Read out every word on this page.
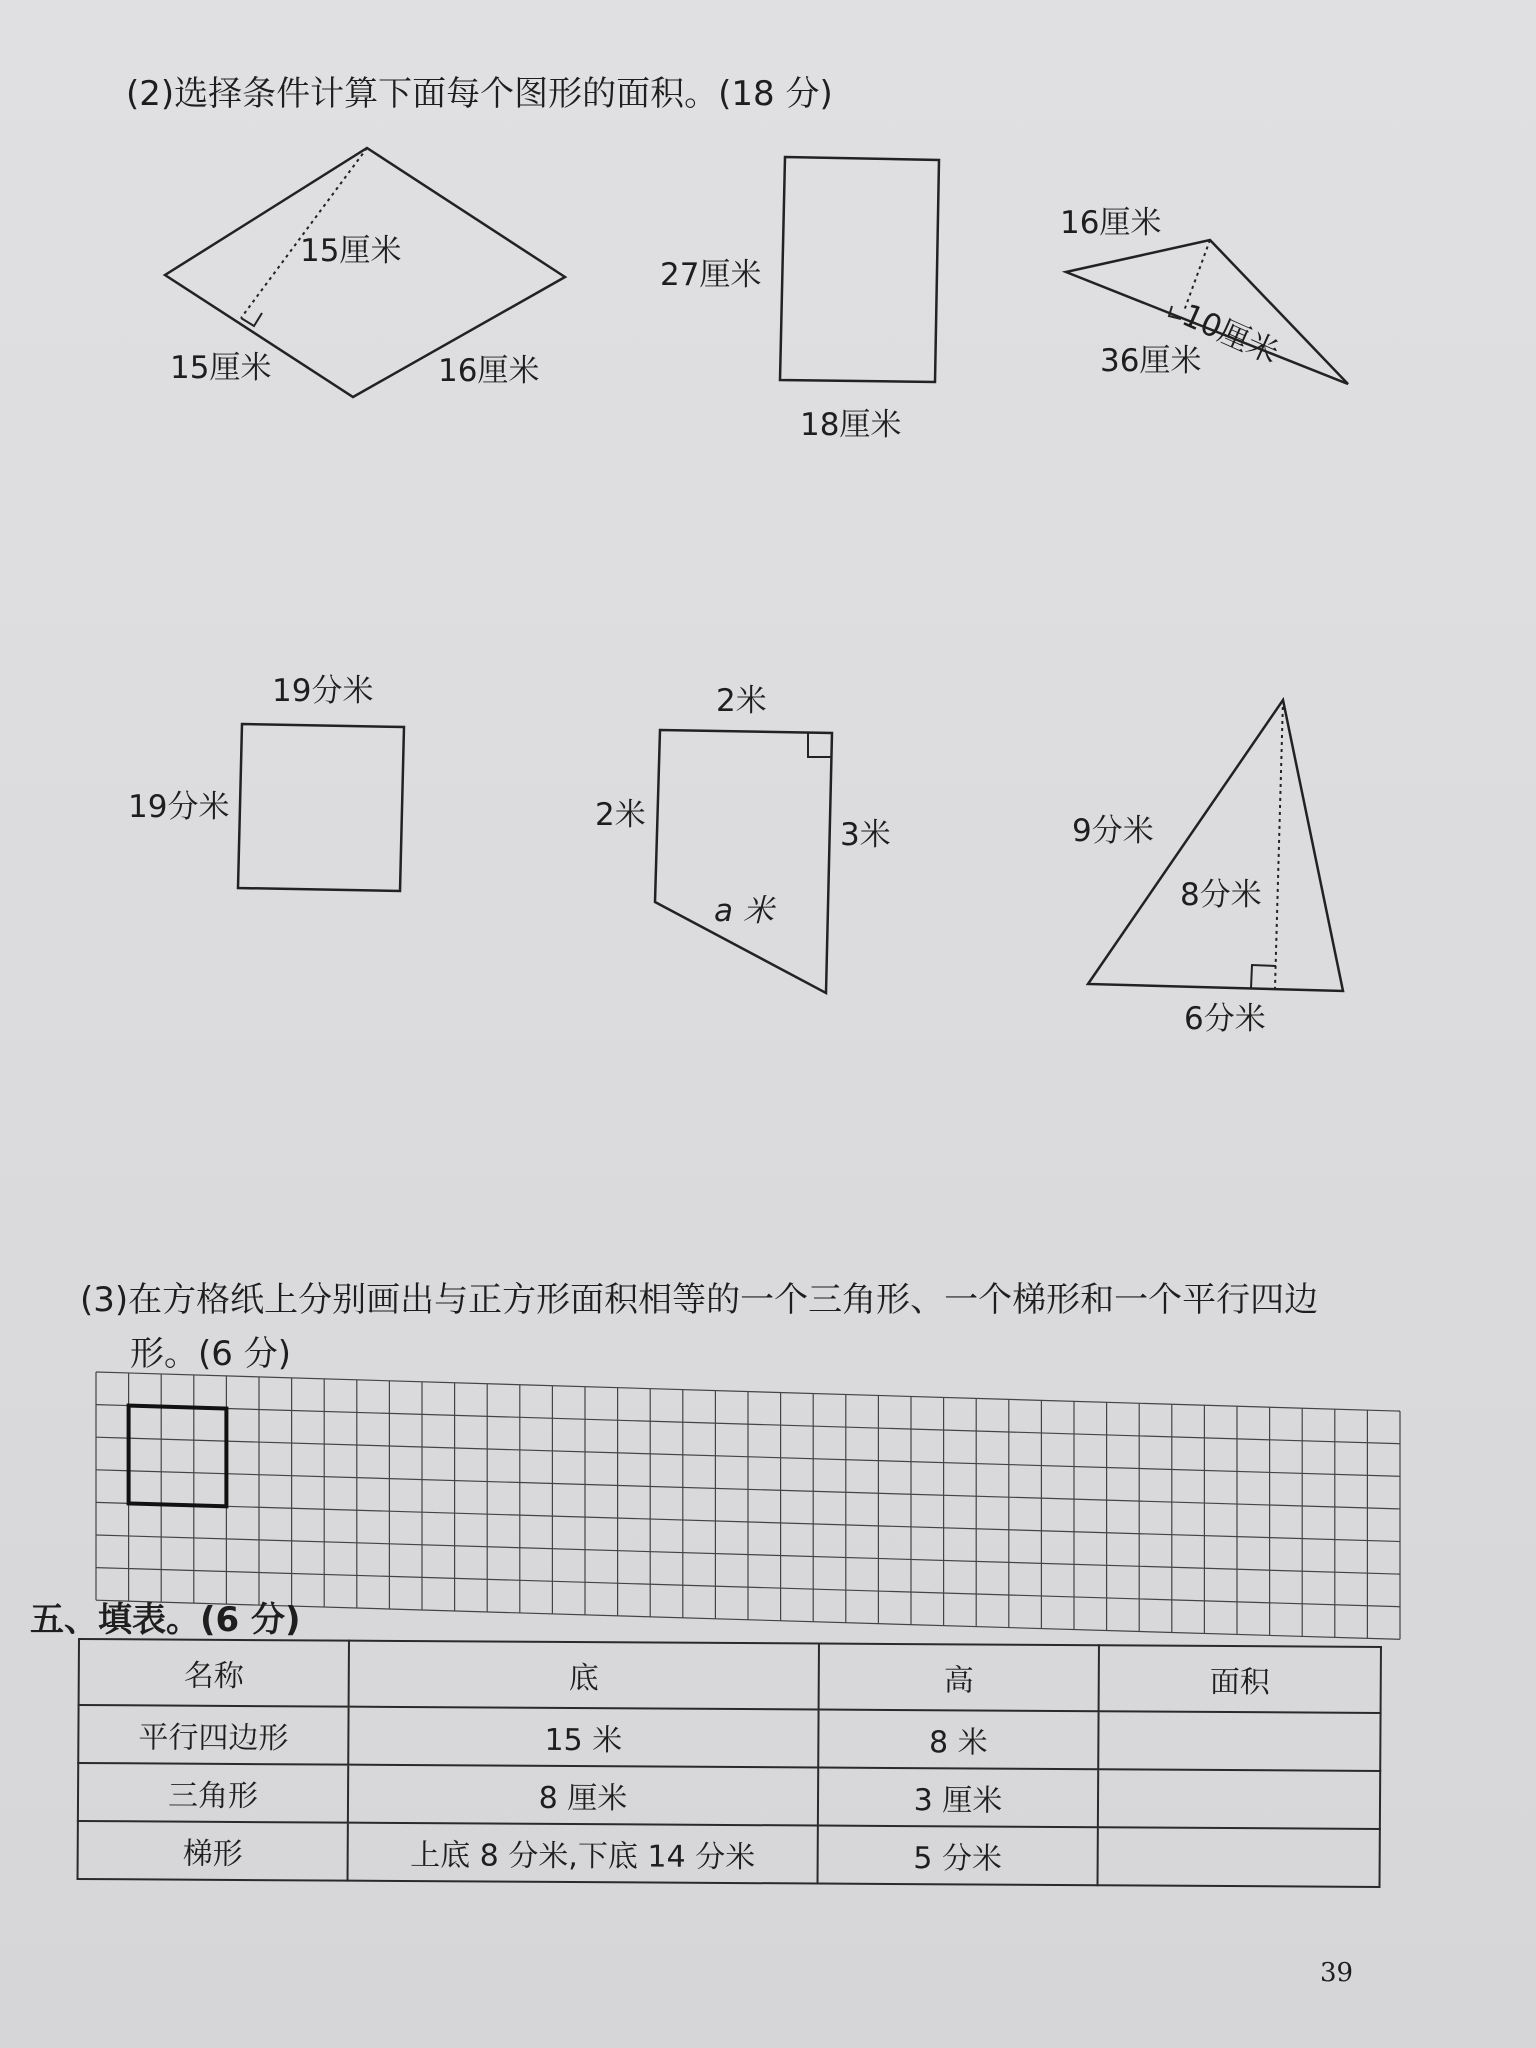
(2)选择条件计算下面每个图形的面积。(18 分)
15厘米
15厘米	16厘米
27厘米
18厘米
16厘米
10厘米
36厘米
19分米
19分米
2米
2米
3米
a 米
9分米
8分米
6分米
(3)在方格纸上分别画出与正方形面积相等的一个三角形、一个梯形和一个平行四边
形。(6 分)
五、填表。(6 分)
名称	底	高	面积
平行四边形	15 米	8 米	
三角形	8 厘米	3 厘米	
梯形	上底 8 分米,下底 14 分米	5 分米	
39
